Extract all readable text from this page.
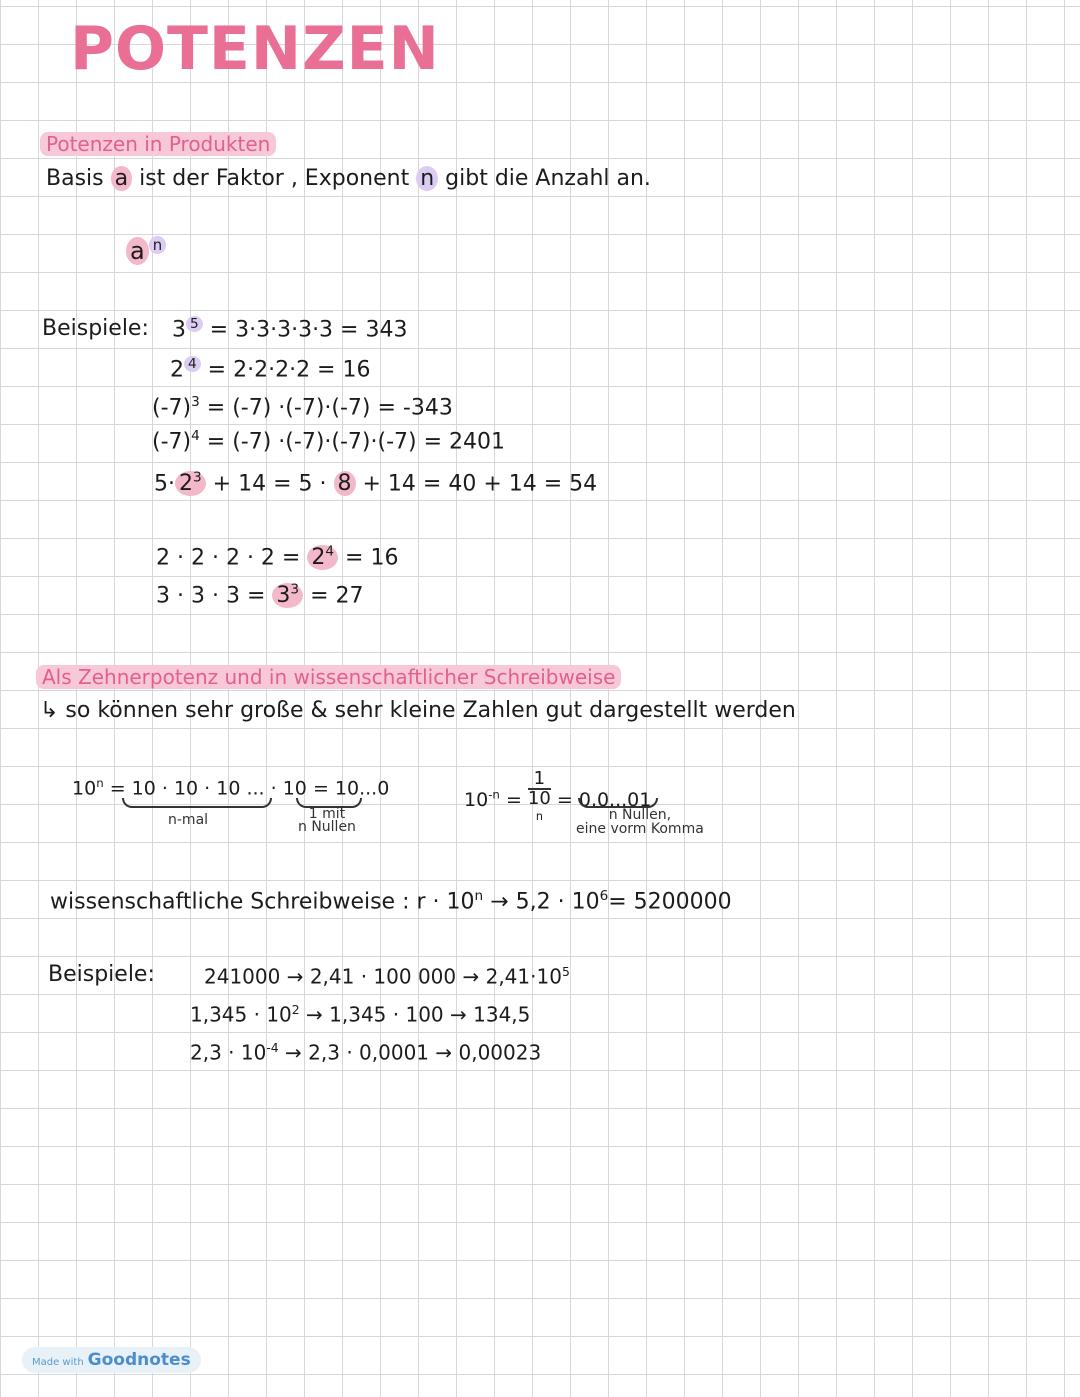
POTENZEN
Potenzen in Produkten
Basis a ist der Faktor , Exponent n gibt die Anzahl an.
a $^n$
Beispiele: 3 $^5$ = 3·3·3·3·3 = 343
2 $^4$ = 2·2·2·2 = 16
$(-7)^3 = (-7) \cdot(-7)\cdot(-7) = -343$
$(-7)^4 = (-7) \cdot(-7)\cdot(-7)\cdot(-7) = 2401$
$5\cdot 2^3 + 14 = 5 \cdot 8 + 14 = 40 + 14 = 54$
$2 \cdot 2 \cdot 2 \cdot 2 = 2^4 = 16$
$3 \cdot 3 \cdot 3 = 3^3 = 27$
Als Zehnerpotenz und in wissenschaftlicher Schreibweise
↳ so können sehr große & sehr kleine Zahlen gut dargestellt werden
$10^n = 10 \cdot 10 \cdot 10$ ... · 10 = 10...0
n-mal	1 mit
n Nullen
$10^{-n} = 1$
10
$^n$ = 0,0...01
n Nullen,
eine vorm Komma
wissenschaftliche Schreibweise : $r \cdot 10^n \to 5,2 \cdot 10^6= 5200000$
Beispiele: 241000 → 2,41 · 100 $000 \to 2,41\cdot 10^5$
$1,345 \cdot 10^2 \to 1,345 \cdot 100 \to 134,5$
$2,3 \cdot 10^{-4} \to 2,3 \cdot 0,0001 \to 0,00023$
Made with Goodnotes
